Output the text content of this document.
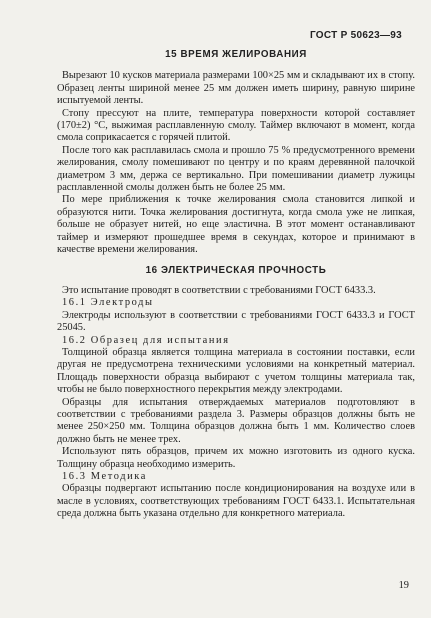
ГОСТ Р 50623—93
15 ВРЕМЯ ЖЕЛИРОВАНИЯ

Вырезают 10 кусков материала размерами 100×25 мм и складывают их в стопу. Образец ленты шириной менее 25 мм должен иметь ширину, равную ширине испытуемой ленты.

Стопу прессуют на плите, температура поверхности которой составляет (170±2) °С, выжимая расплавленную смолу. Таймер включают в момент, когда смола соприкасается с горячей плитой.

После того как расплавилась смола и прошло 75 % предусмотренного времени желирования, смолу помешивают по центру и по краям деревянной палочкой диаметром 3 мм, держа се вертикально. При помешивании диаметр лужицы расплавленной смолы должен быть не более 25 мм.

По мере приближения к точке желирования смола становится липкой и образуются нити. Точка желирования достигнута, когда смола уже не липкая, больше не образует нитей, но еще эластична. В этот момент останавливают таймер и измеряют прошедшее время в секундах, которое и принимают в качестве времени желирования.

16 ЭЛЕКТРИЧЕСКАЯ ПРОЧНОСТЬ

Это испытание проводят в соответствии с требованиями ГОСТ 6433.3.

16.1 Электроды

Электроды используют в соответствии с требованиями ГОСТ 6433.3 и ГОСТ 25045.

16.2 Образец для испытания

Толщиной образца является толщина материала в состоянии поставки, если другая не предусмотрена техническими условиями на конкретный материал. Площадь поверхности образца выбирают с учетом толщины материала так, чтобы не было поверхностного перекрытия между электродами.

Образцы для испытания отверждаемых материалов подготовляют в соответствии с требованиями раздела 3. Размеры образцов должны быть не менее 250×250 мм. Толщина образцов должна быть 1 мм. Количество слоев должно быть не менее трех.

Используют пять образцов, причем их можно изготовить из одного куска. Толщину образца необходимо измерить.

16.3 Методика

Образцы подвергают испытанию после кондиционирования на воздухе или в масле в условиях, соответствующих требованиям ГОСТ 6433.1. Испытательная среда должна быть указана отдельно для конкретного материала.

19
